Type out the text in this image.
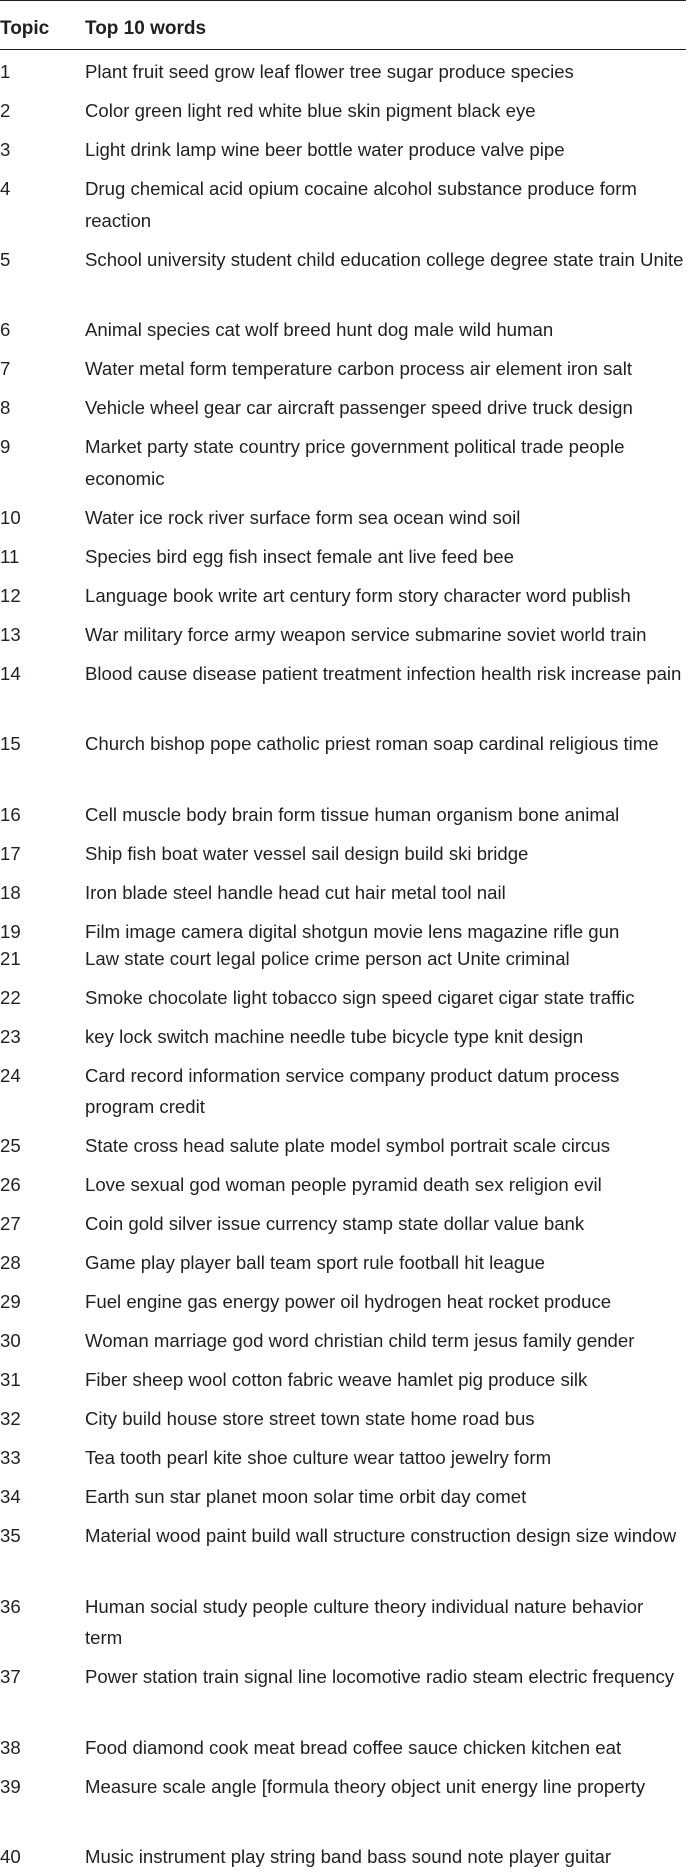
Topic Top 10 words
1	Plant fruit seed grow leaf flower tree sugar produce species
2	Color green light red white blue skin pigment black eye
3	Light drink lamp wine beer bottle water produce valve pipe
4	Drug chemical acid opium cocaine alcohol substance produce form reaction
5	School university student child education college degree state train Unite
6	Animal species cat wolf breed hunt dog male wild human
7	Water metal form temperature carbon process air element iron salt
8	Vehicle wheel gear car aircraft passenger speed drive truck design
9	Market party state country price government political trade people economic
10	Water ice rock river surface form sea ocean wind soil
11	Species bird egg fish insect female ant live feed bee
12	Language book write art century form story character word publish
13	War military force army weapon service submarine soviet world train
14	Blood cause disease patient treatment infection health risk increase pain
15	Church bishop pope catholic priest roman soap cardinal religious time
16	Cell muscle body brain form tissue human organism bone animal
17	Ship fish boat water vessel sail design build ski bridge
18	Iron blade steel handle head cut hair metal tool nail
19	Film image camera digital shotgun movie lens magazine rifle gun
21	Law state court legal police crime person act Unite criminal
22	Smoke chocolate light tobacco sign speed cigaret cigar state traffic
23	key lock switch machine needle tube bicycle type knit design
24	Card record information service company product datum process program credit
25	State cross head salute plate model symbol portrait scale circus
26	Love sexual god woman people pyramid death sex religion evil
27	Coin gold silver issue currency stamp state dollar value bank
28	Game play player ball team sport rule football hit league
29	Fuel engine gas energy power oil hydrogen heat rocket produce
30	Woman marriage god word christian child term jesus family gender
31	Fiber sheep wool cotton fabric weave hamlet pig produce silk
32	City build house store street town state home road bus
33	Tea tooth pearl kite shoe culture wear tattoo jewelry form
34	Earth sun star planet moon solar time orbit day comet
35	Material wood paint build wall structure construction design size window
36	Human social study people culture theory individual nature behavior term
37	Power station train signal line locomotive radio steam electric frequency
38	Food diamond cook meat bread coffee sauce chicken kitchen eat
39	Measure scale angle [formula theory object unit energy line property
40	Music instrument play string band bass sound note player guitar
